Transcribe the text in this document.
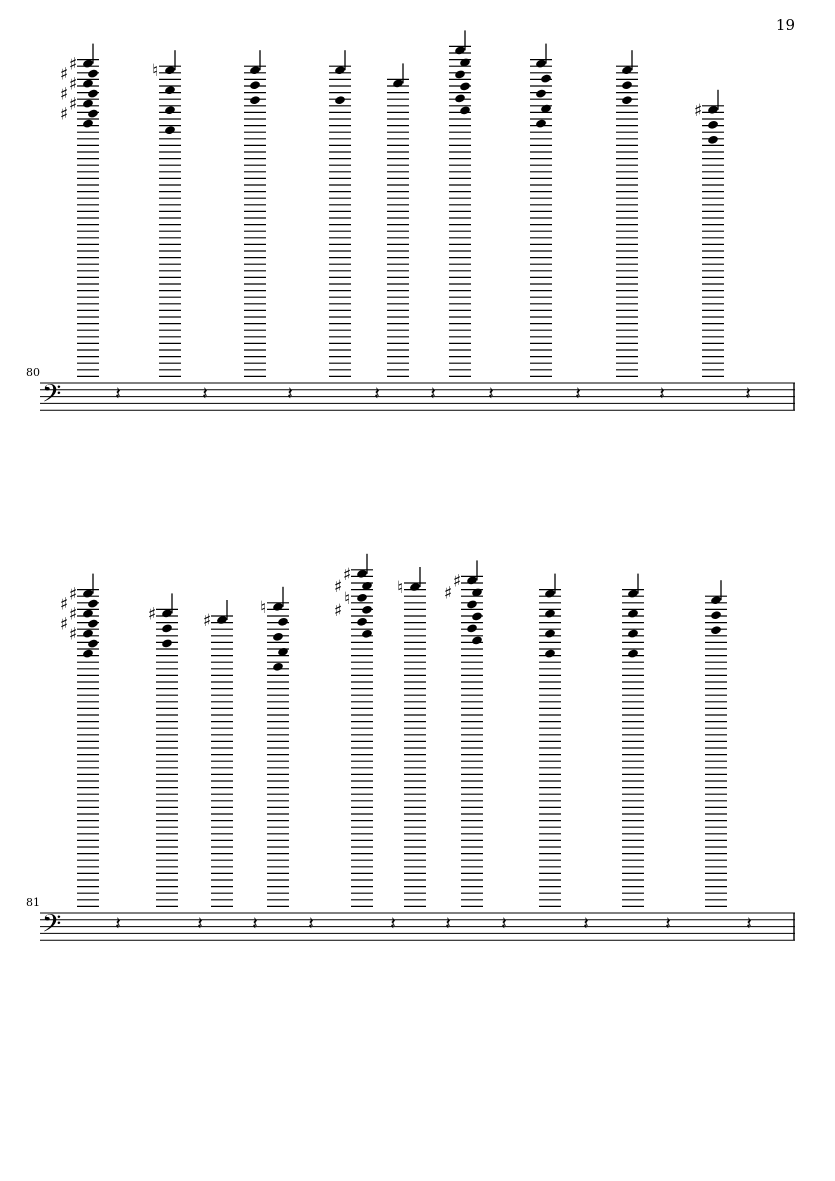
19
80
81
𝄢
♯
♯ ♯
♯ ♯
♯
♮
♯
𝄽	𝄽	𝄽	𝄽	𝄽	𝄽	𝄽	𝄽	𝄽
𝄢
♯
♯ ♯
♯ ♯
♯	♯
♮
♯
♯
♮
♯
♮	♯
♯
𝄽	𝄽	𝄽	𝄽	𝄽	𝄽	𝄽	𝄽	𝄽	𝄽
